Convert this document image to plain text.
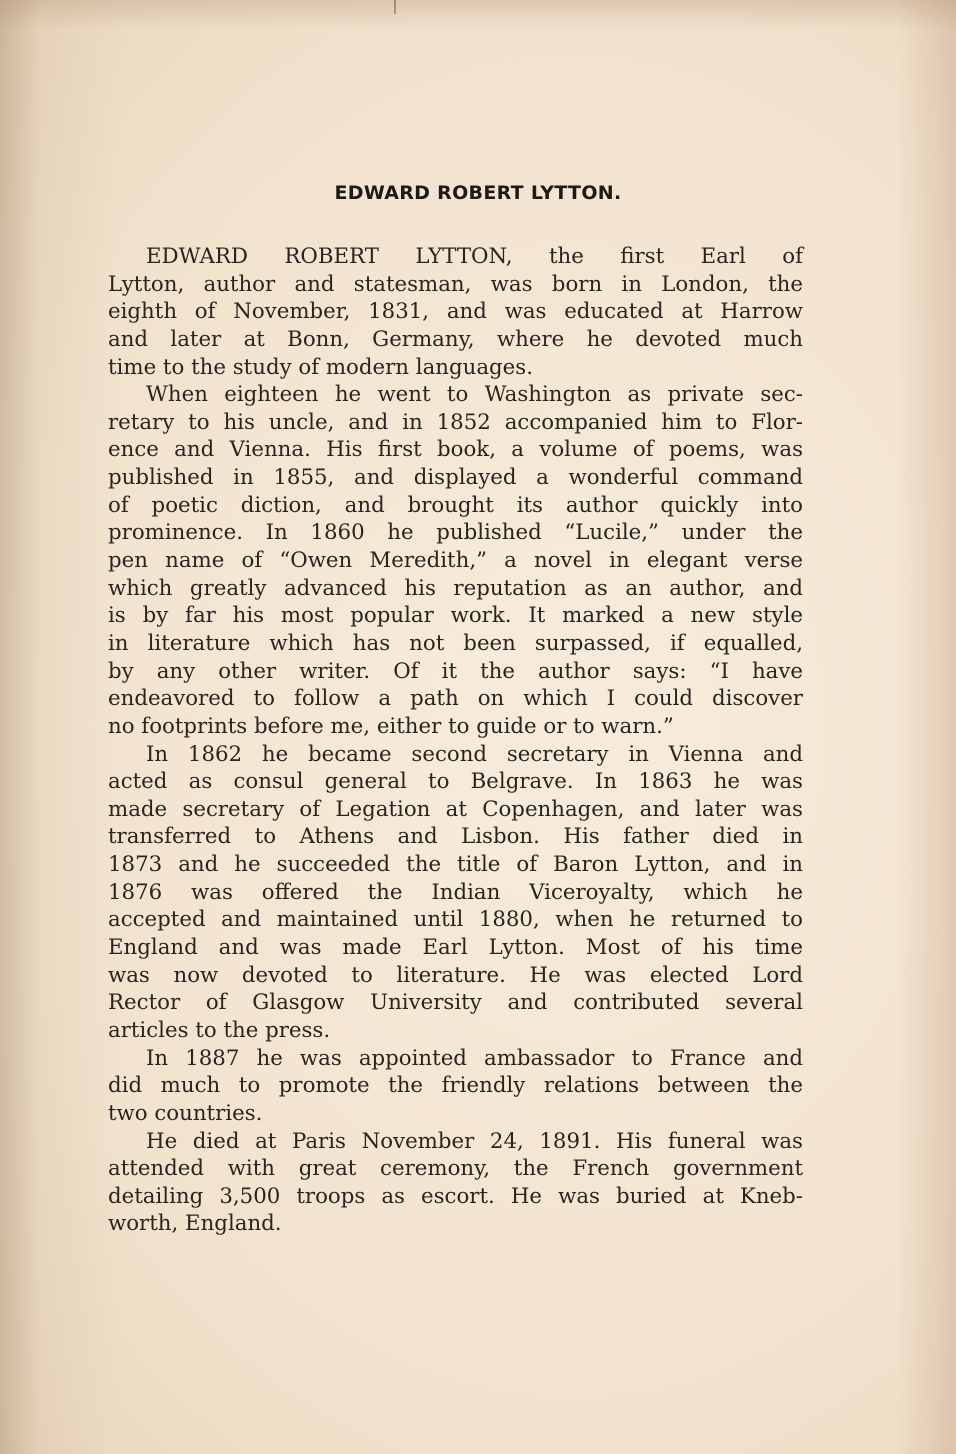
EDWARD ROBERT LYTTON.
EDWARD ROBERT LYTTON, the first Earl of
Lytton, author and statesman, was born in London, the
eighth of November, 1831, and was educated at Harrow
and later at Bonn, Germany, where he devoted much
time to the study of modern languages.
When eighteen he went to Washington as private sec-
retary to his uncle, and in 1852 accompanied him to Flor-
ence and Vienna. His first book, a volume of poems, was
published in 1855, and displayed a wonderful command
of poetic diction, and brought its author quickly into
prominence. In 1860 he published “Lucile,” under the
pen name of “Owen Meredith,” a novel in elegant verse
which greatly advanced his reputation as an author, and
is by far his most popular work. It marked a new style
in literature which has not been surpassed, if equalled,
by any other writer. Of it the author says: “I have
endeavored to follow a path on which I could discover
no footprints before me, either to guide or to warn.”
In 1862 he became second secretary in Vienna and
acted as consul general to Belgrave. In 1863 he was
made secretary of Legation at Copenhagen, and later was
transferred to Athens and Lisbon. His father died in
1873 and he succeeded the title of Baron Lytton, and in
1876 was offered the Indian Viceroyalty, which he
accepted and maintained until 1880, when he returned to
England and was made Earl Lytton. Most of his time
was now devoted to literature. He was elected Lord
Rector of Glasgow University and contributed several
articles to the press.
In 1887 he was appointed ambassador to France and
did much to promote the friendly relations between the
two countries.
He died at Paris November 24, 1891. His funeral was
attended with great ceremony, the French government
detailing 3,500 troops as escort. He was buried at Kneb-
worth, England.
